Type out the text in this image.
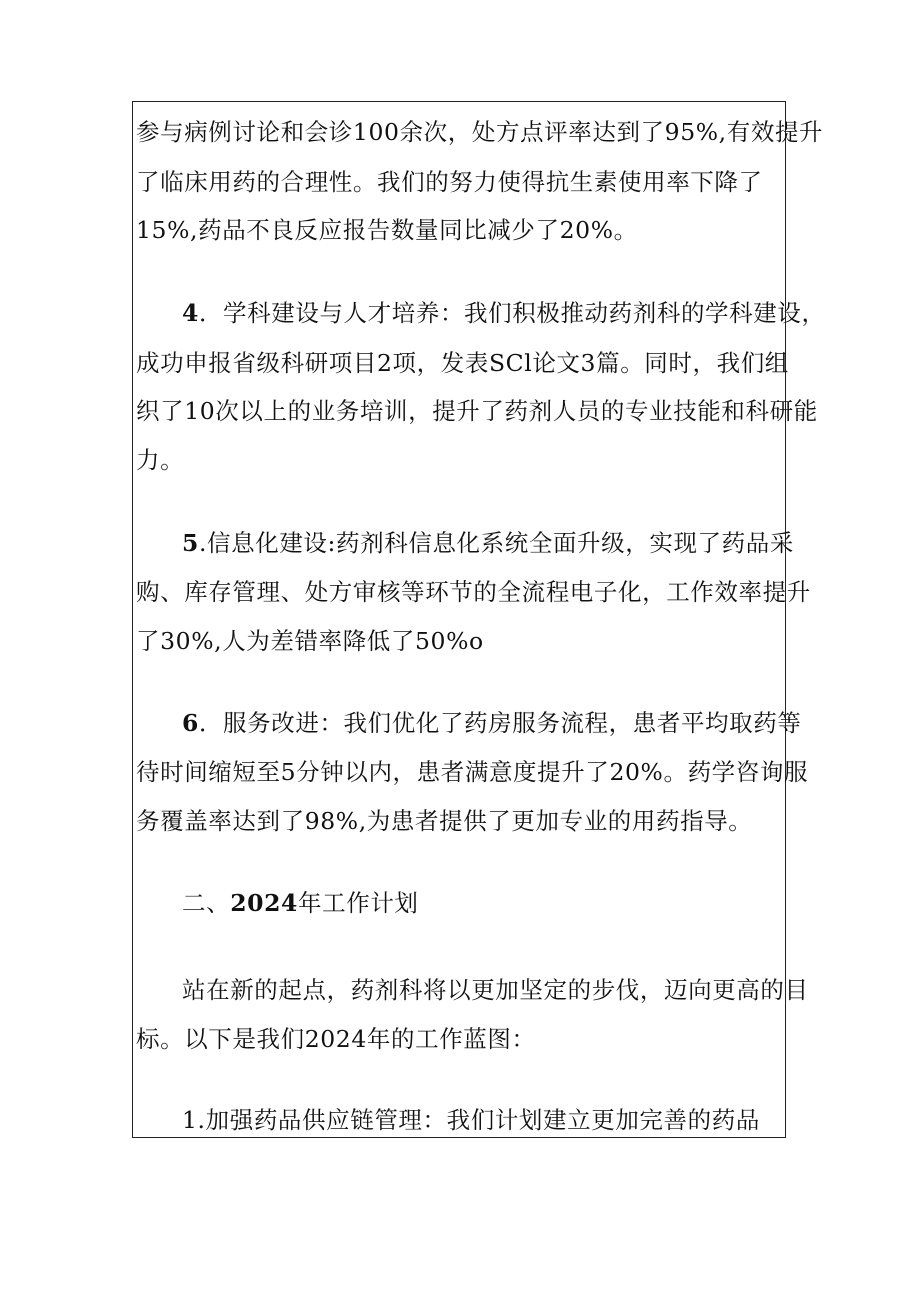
参与病例讨论和会诊100余次，处方点评率达到了95%,有效提升
了临床用药的合理性。我们的努力使得抗生素使用率下降了
15%,药品不良反应报告数量同比减少了20%。
4．学科建设与人才培养：我们积极推动药剂科的学科建设，
成功申报省级科研项目2项，发表SCl论文3篇。同时，我们组
织了10次以上的业务培训，提升了药剂人员的专业技能和科研能
力。
5.信息化建设:药剂科信息化系统全面升级，实现了药品采
购、库存管理、处方审核等环节的全流程电子化，工作效率提升
了30%,人为差错率降低了50%o
6．服务改进：我们优化了药房服务流程，患者平均取药等
待时间缩短至5分钟以内，患者满意度提升了20%。药学咨询服
务覆盖率达到了98%,为患者提供了更加专业的用药指导。
二、2024年工作计划
站在新的起点，药剂科将以更加坚定的步伐，迈向更高的目
标。以下是我们2024年的工作蓝图：
1.加强药品供应链管理：我们计划建立更加完善的药品
